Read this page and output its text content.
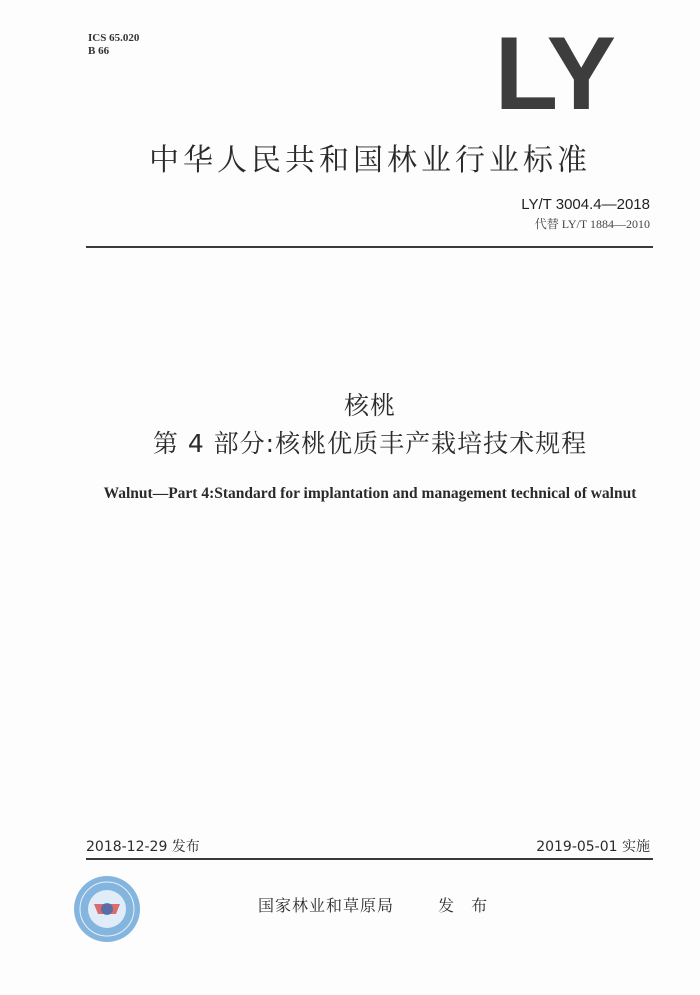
ICS 65.020
B 66	LY
中华人民共和国林业行业标准
LY/T 3004.4—2018
代替 LY/T 1884—2010
核桃
第 4 部分:核桃优质丰产栽培技术规程
Walnut—Part 4:Standard for implantation and management technical of walnut
2018-12-29 发布	2019-05-01 实施
国家林业和草原局	发 布
